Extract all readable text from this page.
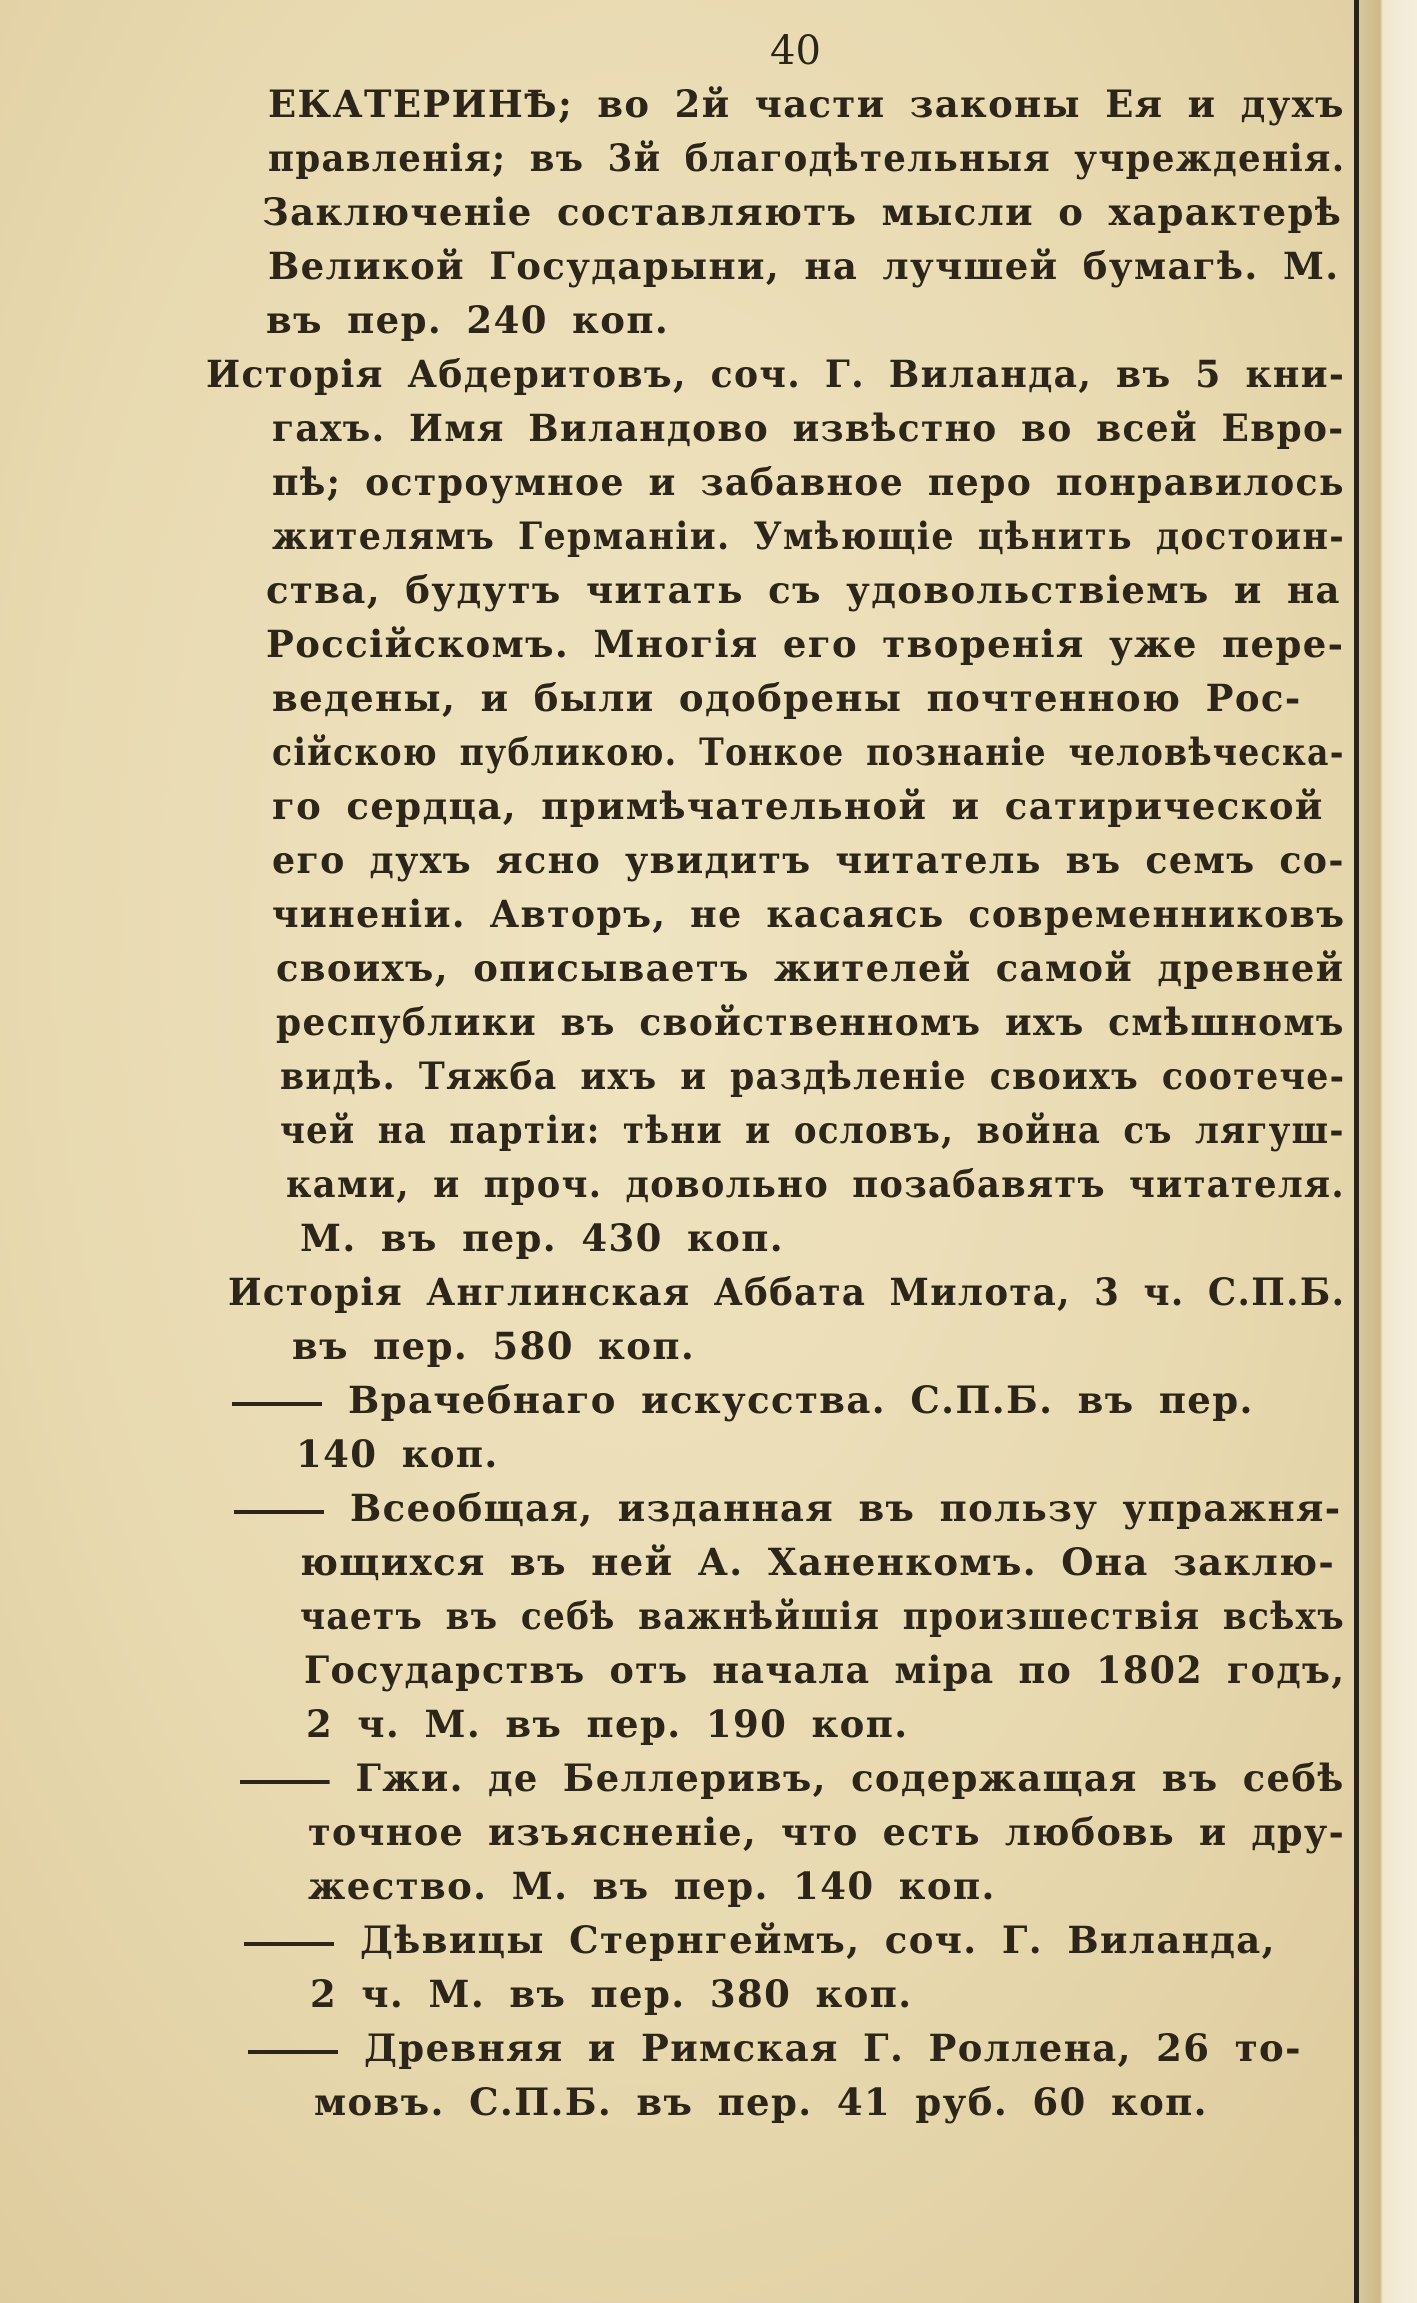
40
ЕКАТЕРИНѢ; во 2й части законы Ея и духъ
правленія; въ 3й благодѣтельныя учрежденія.
Заключеніе составляютъ мысли о характерѣ
Великой Государыни, на лучшей бумагѣ. М.
въ пер. 240 коп.
Исторія Абдеритовъ, соч. Г. Виланда, въ 5 кни-
гахъ. Имя Виландово извѣстно во всей Евро-
пѣ; остроумное и забавное перо понравилось
жителямъ Германіи. Умѣющіе цѣнить достоин-
ства, будутъ читать съ удовольствіемъ и на
Россійскомъ. Многія его творенія уже пере-
ведены, и были одобрены почтенною Рос-
сійскою публикою. Тонкое познаніе человѣческа-
го сердца, примѣчательной и сатирической
его духъ ясно увидитъ читатель въ семъ со-
чиненіи. Авторъ, не касаясь современниковъ
своихъ, описываетъ жителей самой древней
республики въ свойственномъ ихъ смѣшномъ
видѣ. Тяжба ихъ и раздѣленіе своихъ соотече-
чей на партіи: тѣни и ословъ, война съ лягуш-
ками, и проч. довольно позабавятъ читателя.
М. въ пер. 430 коп.
Исторія Англинская Аббата Милота, 3 ч. С.П.Б.
въ пер. 580 коп.
Врачебнаго искусства. С.П.Б. въ пер.
140 коп.
Всеобщая, изданная въ пользу упражня-
ющихся въ ней А. Ханенкомъ. Она заклю-
чаетъ въ себѣ важнѣйшія произшествія всѣхъ
Государствъ отъ начала міра по 1802 годъ,
2 ч. М. въ пер. 190 коп.
Гжи. де Беллеривъ, содержащая въ себѣ
точное изъясненіе, что есть любовь и дру-
жество. М. въ пер. 140 коп.
Дѣвицы Стернгеймъ, соч. Г. Виланда,
2 ч. М. въ пер. 380 коп.
Древняя и Римская Г. Роллена, 26 то-
мовъ. С.П.Б. въ пер. 41 руб. 60 коп.
